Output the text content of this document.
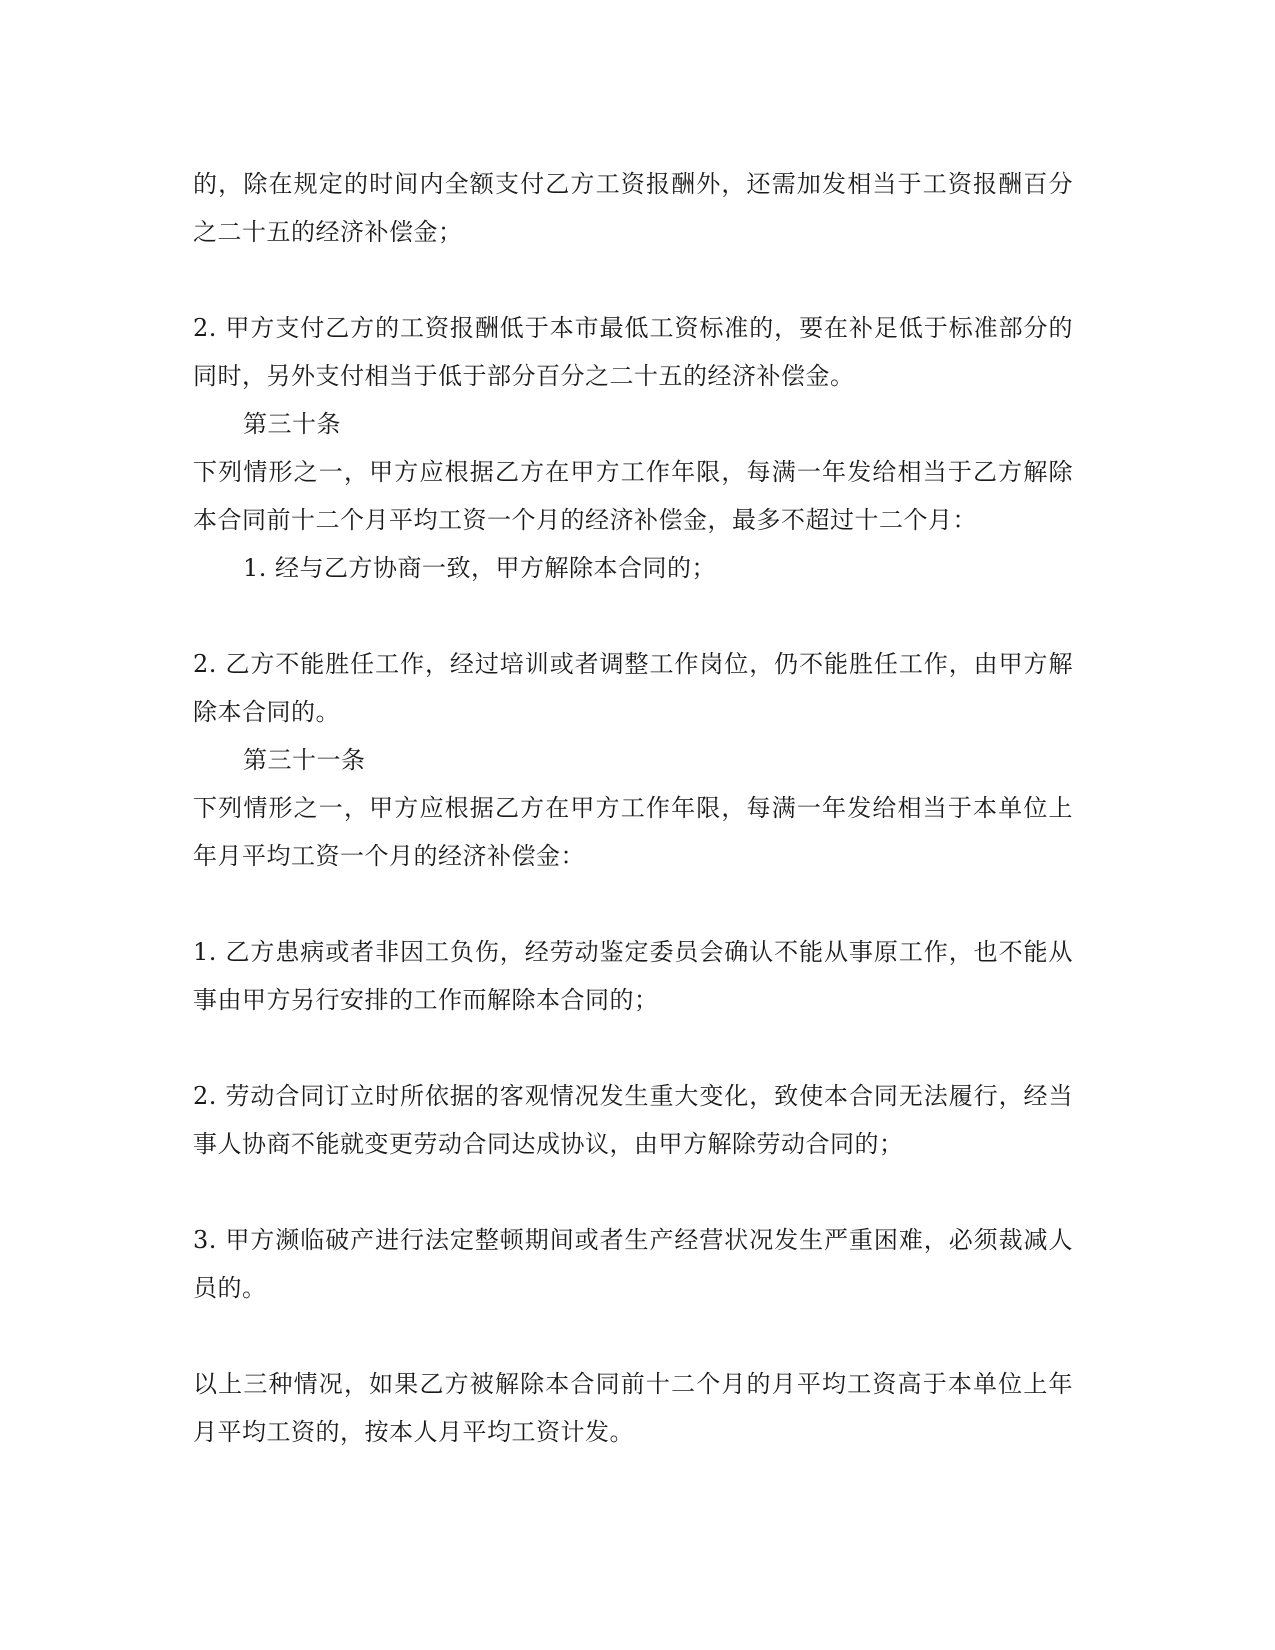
的，除在规定的时间内全额支付乙方工资报酬外，还需加发相当于工资报酬百分之二十五的经济补偿金；

2. 甲方支付乙方的工资报酬低于本市最低工资标准的，要在补足低于标准部分的同时，另外支付相当于低于部分百分之二十五的经济补偿金。

第三十条

下列情形之一，甲方应根据乙方在甲方工作年限，每满一年发给相当于乙方解除本合同前十二个月平均工资一个月的经济补偿金，最多不超过十二个月：

1. 经与乙方协商一致，甲方解除本合同的；

2. 乙方不能胜任工作，经过培训或者调整工作岗位，仍不能胜任工作，由甲方解除本合同的。

第三十一条

下列情形之一，甲方应根据乙方在甲方工作年限，每满一年发给相当于本单位上年月平均工资一个月的经济补偿金：

1. 乙方患病或者非因工负伤，经劳动鉴定委员会确认不能从事原工作，也不能从事由甲方另行安排的工作而解除本合同的；

2. 劳动合同订立时所依据的客观情况发生重大变化，致使本合同无法履行，经当事人协商不能就变更劳动合同达成协议，由甲方解除劳动合同的；

3. 甲方濒临破产进行法定整顿期间或者生产经营状况发生严重困难，必须裁减人员的。

以上三种情况，如果乙方被解除本合同前十二个月的月平均工资高于本单位上年月平均工资的，按本人月平均工资计发。
